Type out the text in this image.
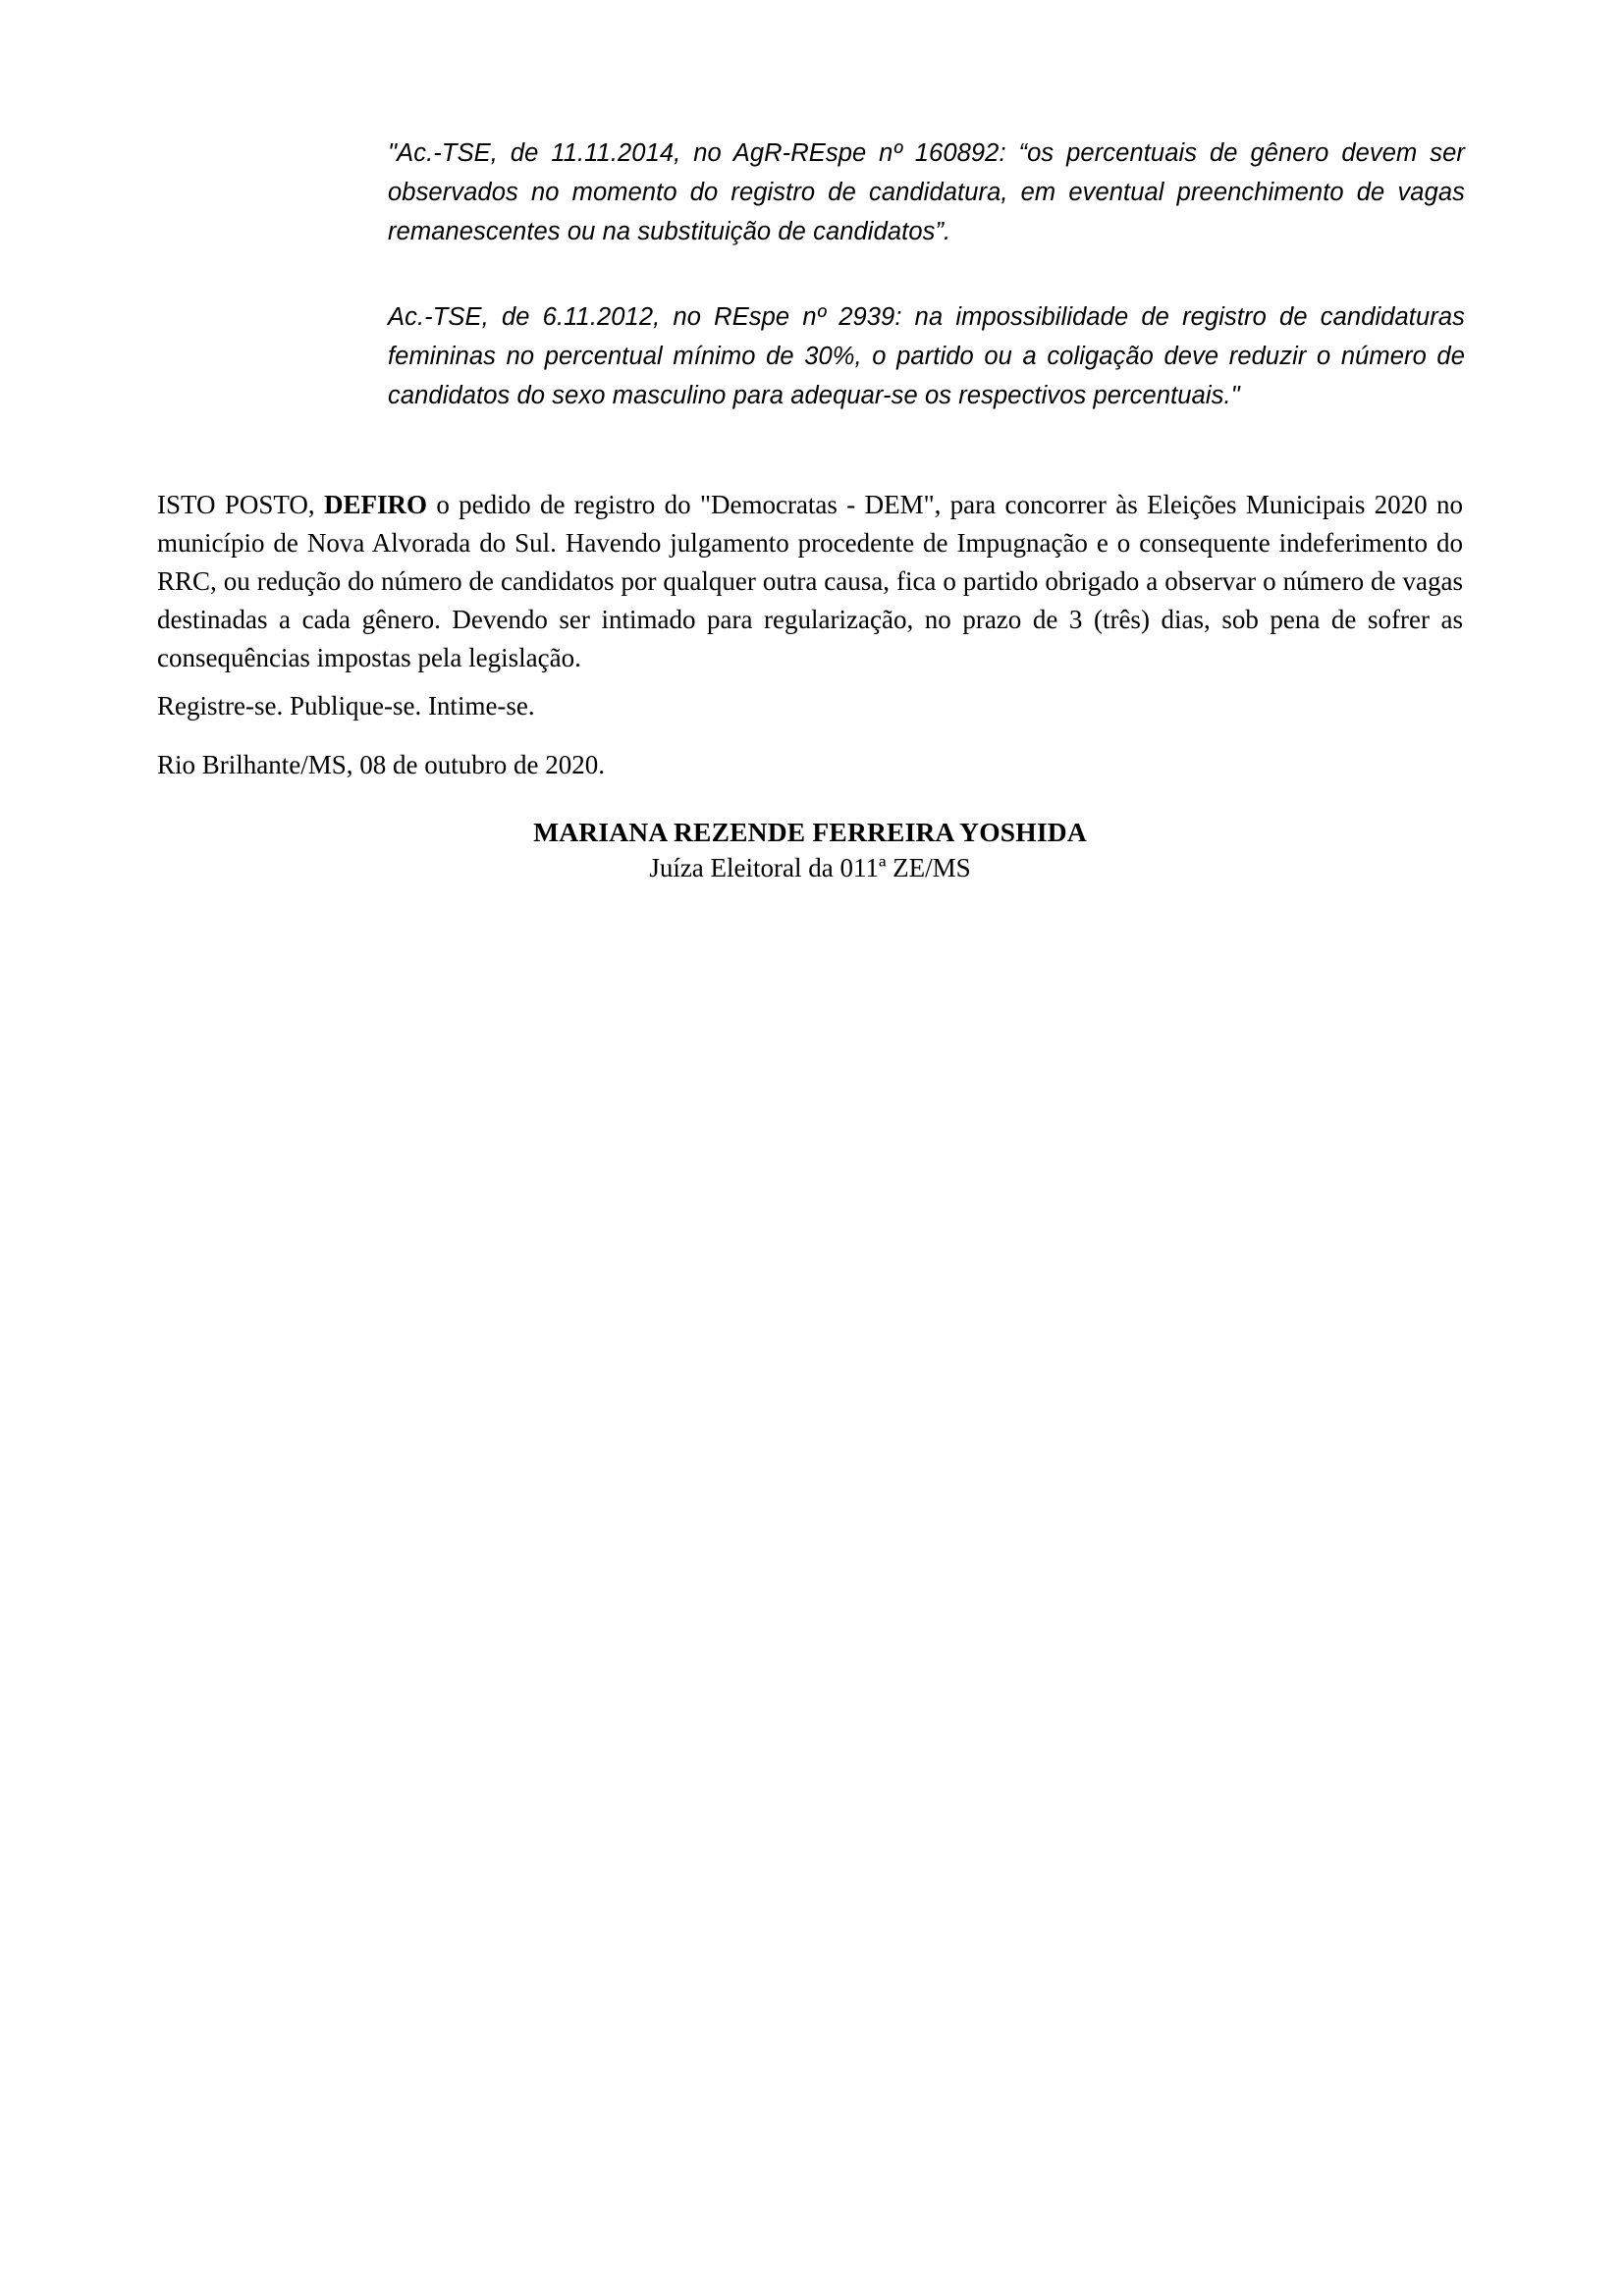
"Ac.-TSE, de 11.11.2014, no AgR-REspe nº 160892: “os percentuais de gênero devem ser observados no momento do registro de candidatura, em eventual preenchimento de vagas remanescentes ou na substituição de candidatos”.

Ac.-TSE, de 6.11.2012, no REspe nº 2939: na impossibilidade de registro de candidaturas femininas no percentual mínimo de 30%, o partido ou a coligação deve reduzir o número de candidatos do sexo masculino para adequar-se os respectivos percentuais."

ISTO POSTO, DEFIRO o pedido de registro do "Democratas - DEM", para concorrer às Eleições Municipais 2020 no município de Nova Alvorada do Sul. Havendo julgamento procedente de Impugnação e o consequente indeferimento do RRC, ou redução do número de candidatos por qualquer outra causa, fica o partido obrigado a observar o número de vagas destinadas a cada gênero. Devendo ser intimado para regularização, no prazo de 3 (três) dias, sob pena de sofrer as consequências impostas pela legislação.

Registre-se. Publique-se. Intime-se.

Rio Brilhante/MS, 08 de outubro de 2020.

MARIANA REZENDE FERREIRA YOSHIDA
Juíza Eleitoral da 011ª ZE/MS
